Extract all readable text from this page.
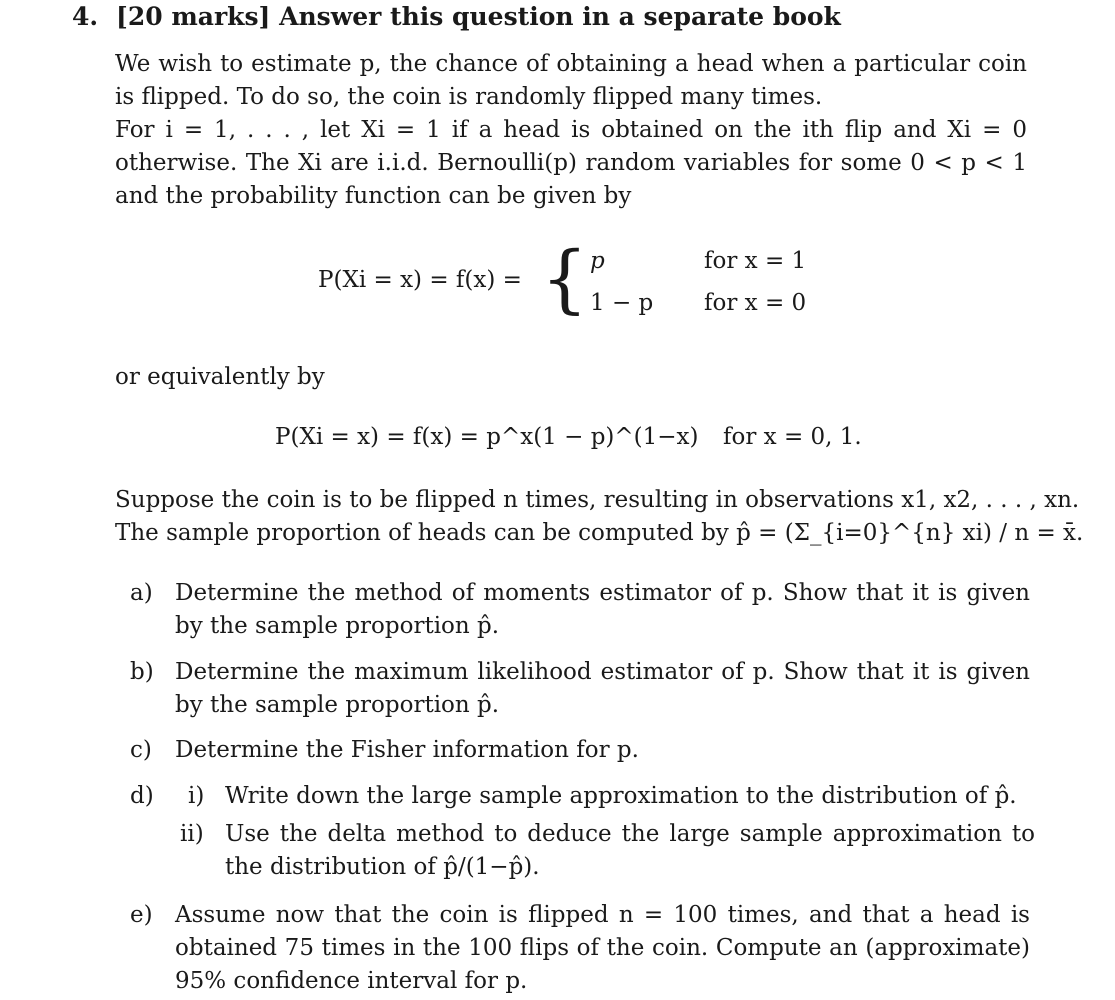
4. [20 marks] Answer this question in a separate book
We wish to estimate p, the chance of obtaining a head when a particular coin
is flipped. To do so, the coin is randomly flipped many times.
For i = 1, . . . , let Xi = 1 if a head is obtained on the ith flip and Xi = 0
otherwise. The Xi are i.i.d. Bernoulli(p) random variables for some 0 < p < 1
and the probability function can be given by
P(Xi = x) = f(x) = { p	for x = 1
1 − p for x = 0
or equivalently by
P(Xi = x) = f(x) = p^x(1 − p)^(1−x) for x = 0, 1.
Suppose the coin is to be flipped n times, resulting in observations x1, x2, . . . , xn.
The sample proportion of heads can be computed by p̂ = (Σ_{i=0}^{n} xi) / n = x̄.
a) Determine the method of moments estimator of p. Show that it is given by the sample proportion p̂.
b) Determine the maximum likelihood estimator of p. Show that it is given by the sample proportion p̂.
c) Determine the Fisher information for p.
d) i) Write down the large sample approximation to the distribution of p̂.
ii) Use the delta method to deduce the large sample approximation to the distribution of p̂/(1−p̂).
e) Assume now that the coin is flipped n = 100 times, and that a head is obtained 75 times in the 100 flips of the coin. Compute an (approximate) 95% confidence interval for p.
